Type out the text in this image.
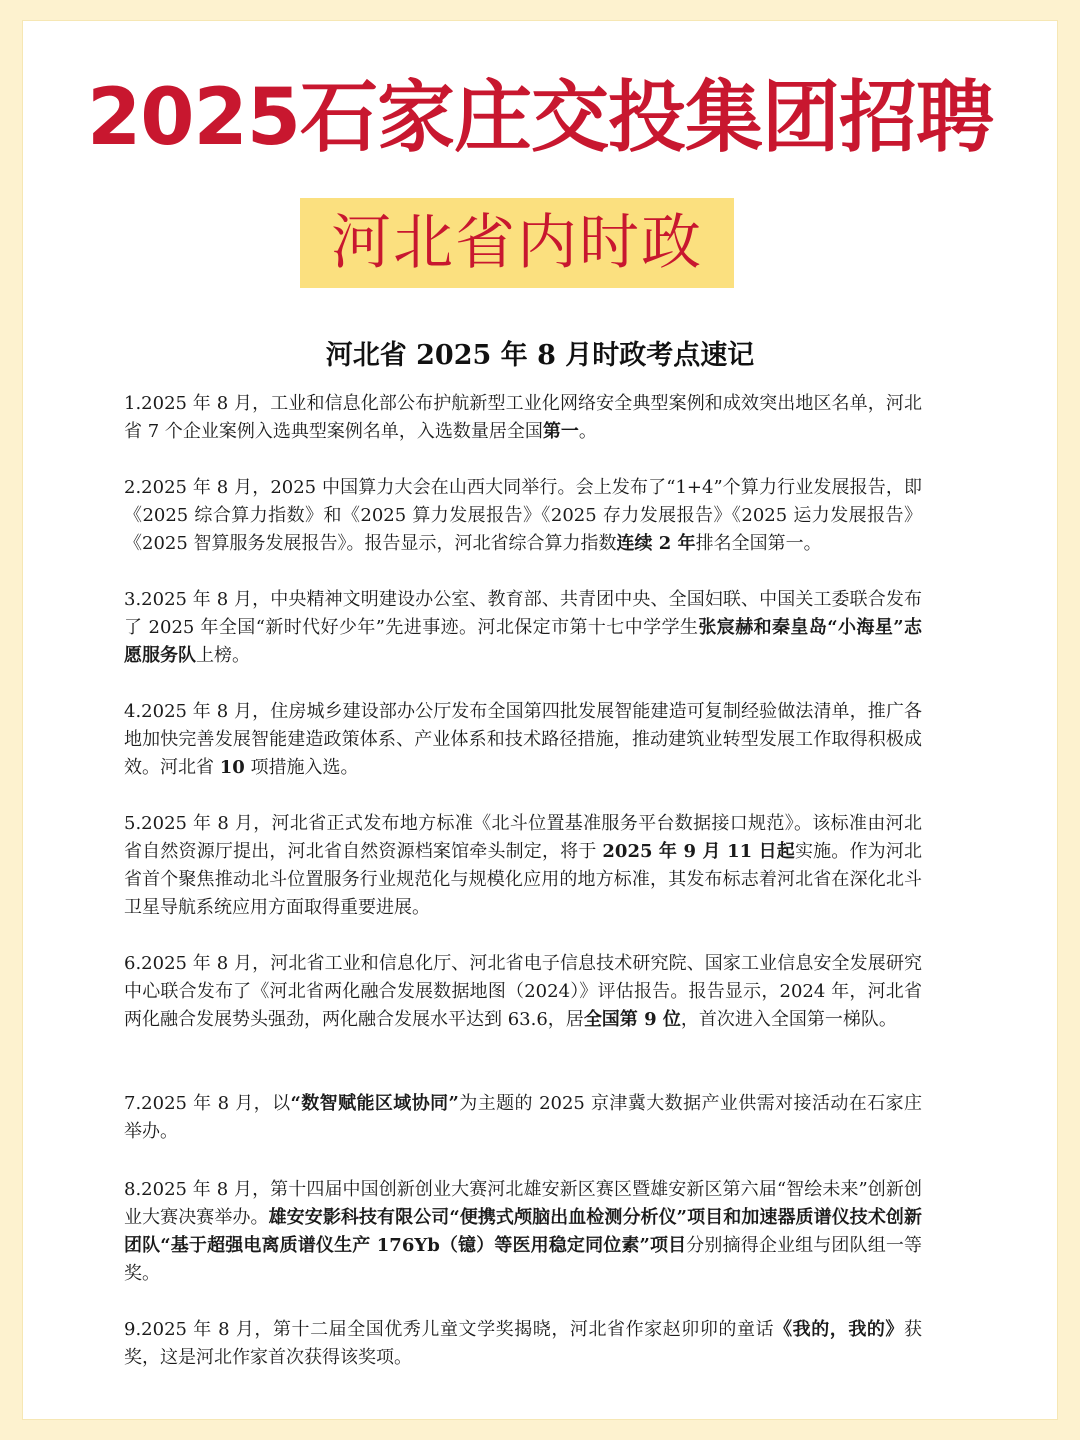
2025石家庄交投集团招聘
河北省内时政
河北省 2025 年 8 月时政考点速记

1.2025 年 8 月，工业和信息化部公布护航新型工业化网络安全典型案例和成效突出地区名单，河北省 7 个企业案例入选典型案例名单，入选数量居全国第一。

2.2025 年 8 月，2025 中国算力大会在山西大同举行。会上发布了“1+4”个算力行业发展报告，即《2025 综合算力指数》和《2025 算力发展报告》《2025 存力发展报告》《2025 运力发展报告》《2025 智算服务发展报告》。报告显示，河北省综合算力指数连续 2 年排名全国第一。

3.2025 年 8 月，中央精神文明建设办公室、教育部、共青团中央、全国妇联、中国关工委联合发布了 2025 年全国“新时代好少年”先进事迹。河北保定市第十七中学学生张宸赫和秦皇岛“小海星”志愿服务队上榜。

4.2025 年 8 月，住房城乡建设部办公厅发布全国第四批发展智能建造可复制经验做法清单，推广各地加快完善发展智能建造政策体系、产业体系和技术路径措施，推动建筑业转型发展工作取得积极成效。河北省 10 项措施入选。

5.2025 年 8 月，河北省正式发布地方标准《北斗位置基准服务平台数据接口规范》。该标准由河北省自然资源厅提出，河北省自然资源档案馆牵头制定，将于 2025 年 9 月 11 日起实施。作为河北省首个聚焦推动北斗位置服务行业规范化与规模化应用的地方标准，其发布标志着河北省在深化北斗卫星导航系统应用方面取得重要进展。

6.2025 年 8 月，河北省工业和信息化厅、河北省电子信息技术研究院、国家工业信息安全发展研究中心联合发布了《河北省两化融合发展数据地图（2024）》评估报告。报告显示，2024 年，河北省两化融合发展势头强劲，两化融合发展水平达到 63.6，居全国第 9 位，首次进入全国第一梯队。

7.2025 年 8 月，以“数智赋能区域协同”为主题的 2025 京津冀大数据产业供需对接活动在石家庄举办。

8.2025 年 8 月，第十四届中国创新创业大赛河北雄安新区赛区暨雄安新区第六届“智绘未来”创新创业大赛决赛举办。雄安安影科技有限公司“便携式颅脑出血检测分析仪”项目和加速器质谱仪技术创新团队“基于超强电离质谱仪生产 176Yb（镱）等医用稳定同位素”项目分别摘得企业组与团队组一等奖。

9.2025 年 8 月，第十二届全国优秀儿童文学奖揭晓，河北省作家赵卯卯的童话《我的，我的》获奖，这是河北作家首次获得该奖项。
